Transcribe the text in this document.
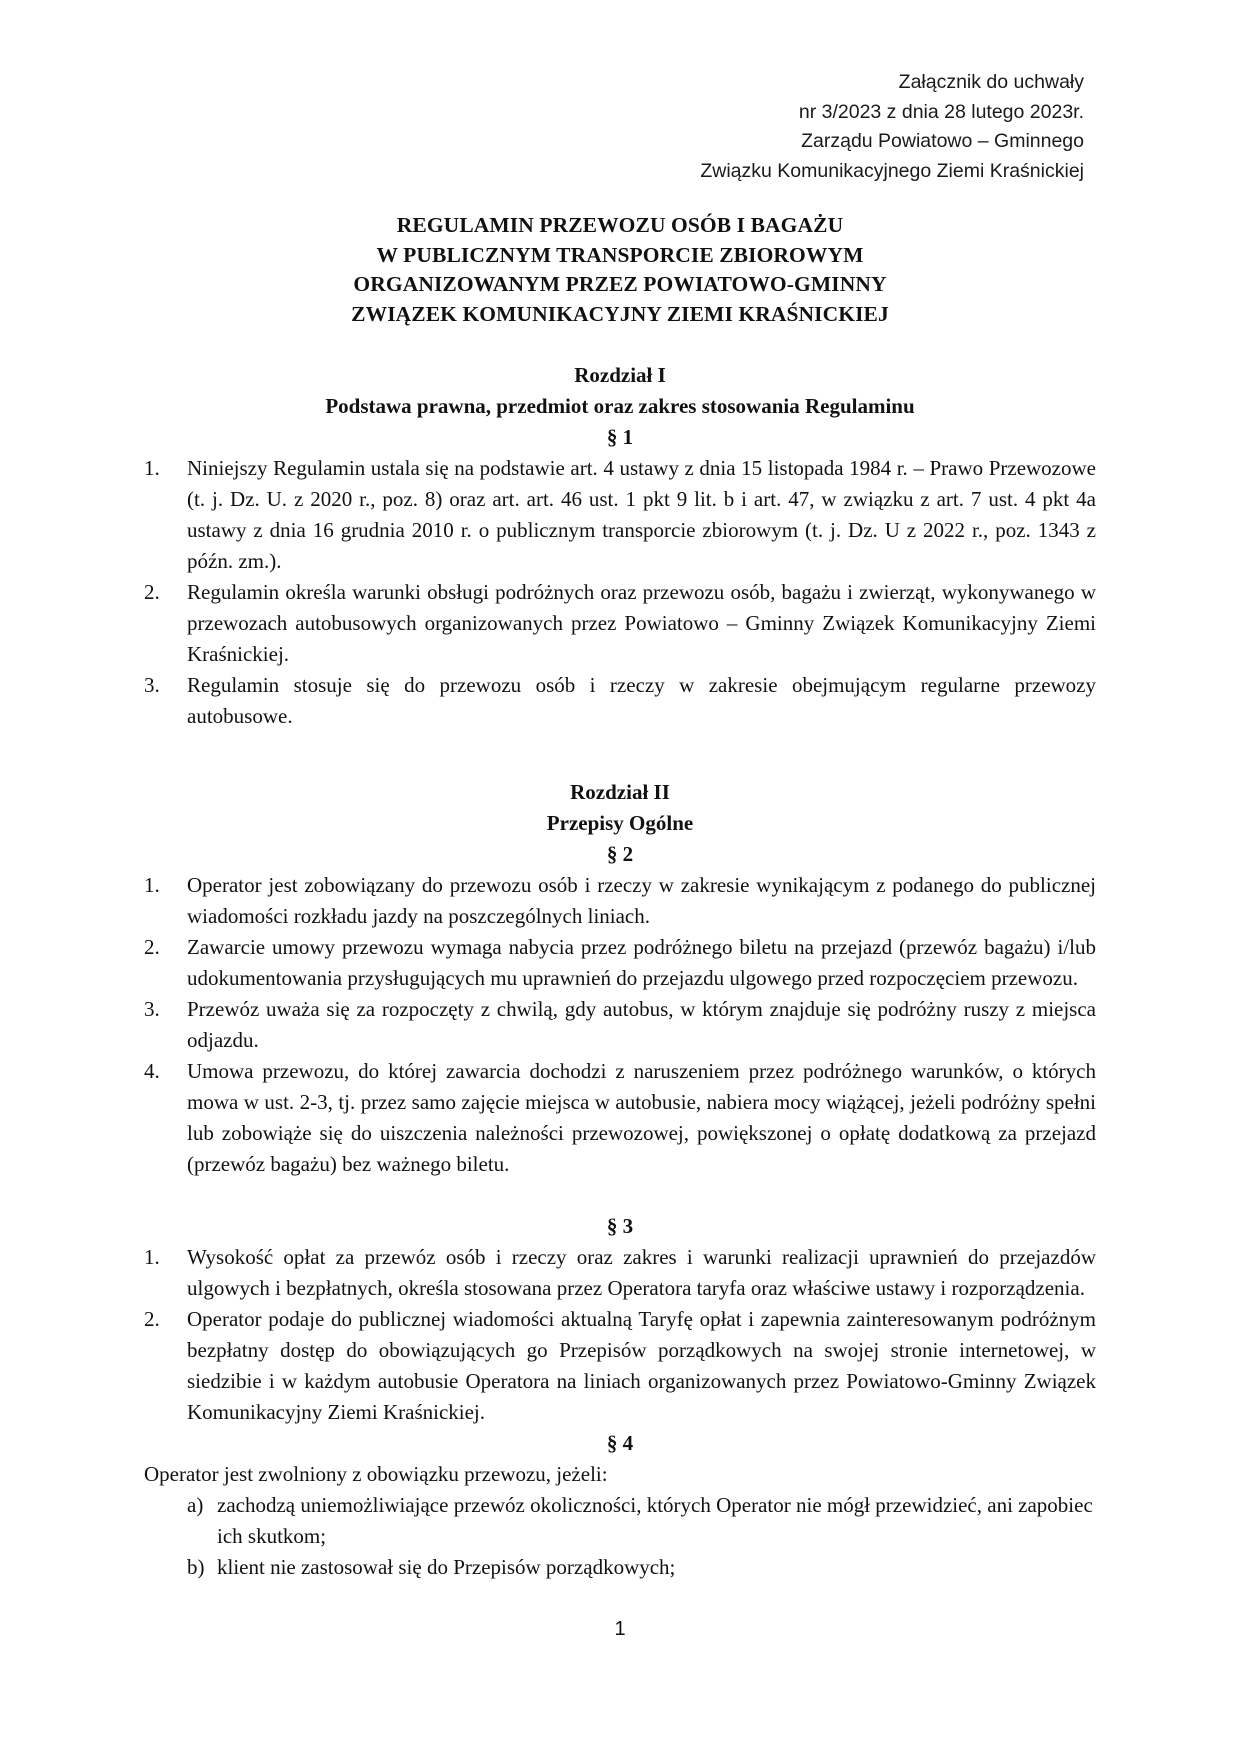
Załącznik do uchwały
nr 3/2023 z dnia 28 lutego 2023r.
Zarządu Powiatowo – Gminnego
Związku Komunikacyjnego Ziemi Kraśnickiej
REGULAMIN PRZEWOZU OSÓB I BAGAŻU
W PUBLICZNYM TRANSPORCIE ZBIOROWYM
ORGANIZOWANYM PRZEZ POWIATOWO-GMINNY
ZWIĄZEK KOMUNIKACYJNY ZIEMI KRAŚNICKIEJ
Rozdział I
Podstawa prawna, przedmiot oraz zakres stosowania Regulaminu
§ 1
1. Niniejszy Regulamin ustala się na podstawie art. 4 ustawy z dnia 15 listopada 1984 r. – Prawo Przewozowe (t. j. Dz. U. z 2020 r., poz. 8) oraz art. art. 46 ust. 1 pkt 9 lit. b i art. 47, w związku z art. 7 ust. 4 pkt 4a ustawy z dnia 16 grudnia 2010 r. o publicznym transporcie zbiorowym (t. j. Dz. U z 2022 r., poz. 1343 z późn. zm.).
2. Regulamin określa warunki obsługi podróżnych oraz przewozu osób, bagażu i zwierząt, wykonywanego w przewozach autobusowych organizowanych przez Powiatowo – Gminny Związek Komunikacyjny Ziemi Kraśnickiej.
3. Regulamin stosuje się do przewozu osób i rzeczy w zakresie obejmującym regularne przewozy autobusowe.
Rozdział II
Przepisy Ogólne
§ 2
1. Operator jest zobowiązany do przewozu osób i rzeczy w zakresie wynikającym z podanego do publicznej wiadomości rozkładu jazdy na poszczególnych liniach.
2. Zawarcie umowy przewozu wymaga nabycia przez podróżnego biletu na przejazd (przewóz bagażu) i/lub udokumentowania przysługujących mu uprawnień do przejazdu ulgowego przed rozpoczęciem przewozu.
3. Przewóz uważa się za rozpoczęty z chwilą, gdy autobus, w którym znajduje się podróżny ruszy z miejsca odjazdu.
4. Umowa przewozu, do której zawarcia dochodzi z naruszeniem przez podróżnego warunków, o których mowa w ust. 2-3, tj. przez samo zajęcie miejsca w autobusie, nabiera mocy wiążącej, jeżeli podróżny spełni lub zobowiąże się do uiszczenia należności przewozowej, powiększonej o opłatę dodatkową za przejazd (przewóz bagażu) bez ważnego biletu.
§ 3
1. Wysokość opłat za przewóz osób i rzeczy oraz zakres i warunki realizacji uprawnień do przejazdów ulgowych i bezpłatnych, określa stosowana przez Operatora taryfa oraz właściwe ustawy i rozporządzenia.
2. Operator podaje do publicznej wiadomości aktualną Taryfę opłat i zapewnia zainteresowanym podróżnym bezpłatny dostęp do obowiązujących go Przepisów porządkowych na swojej stronie internetowej, w siedzibie i w każdym autobusie Operatora na liniach organizowanych przez Powiatowo-Gminny Związek Komunikacyjny Ziemi Kraśnickiej.
§ 4
Operator jest zwolniony z obowiązku przewozu, jeżeli:
a) zachodzą uniemożliwiające przewóz okoliczności, których Operator nie mógł przewidzieć, ani zapobiec ich skutkom;
b) klient nie zastosował się do Przepisów porządkowych;
1
